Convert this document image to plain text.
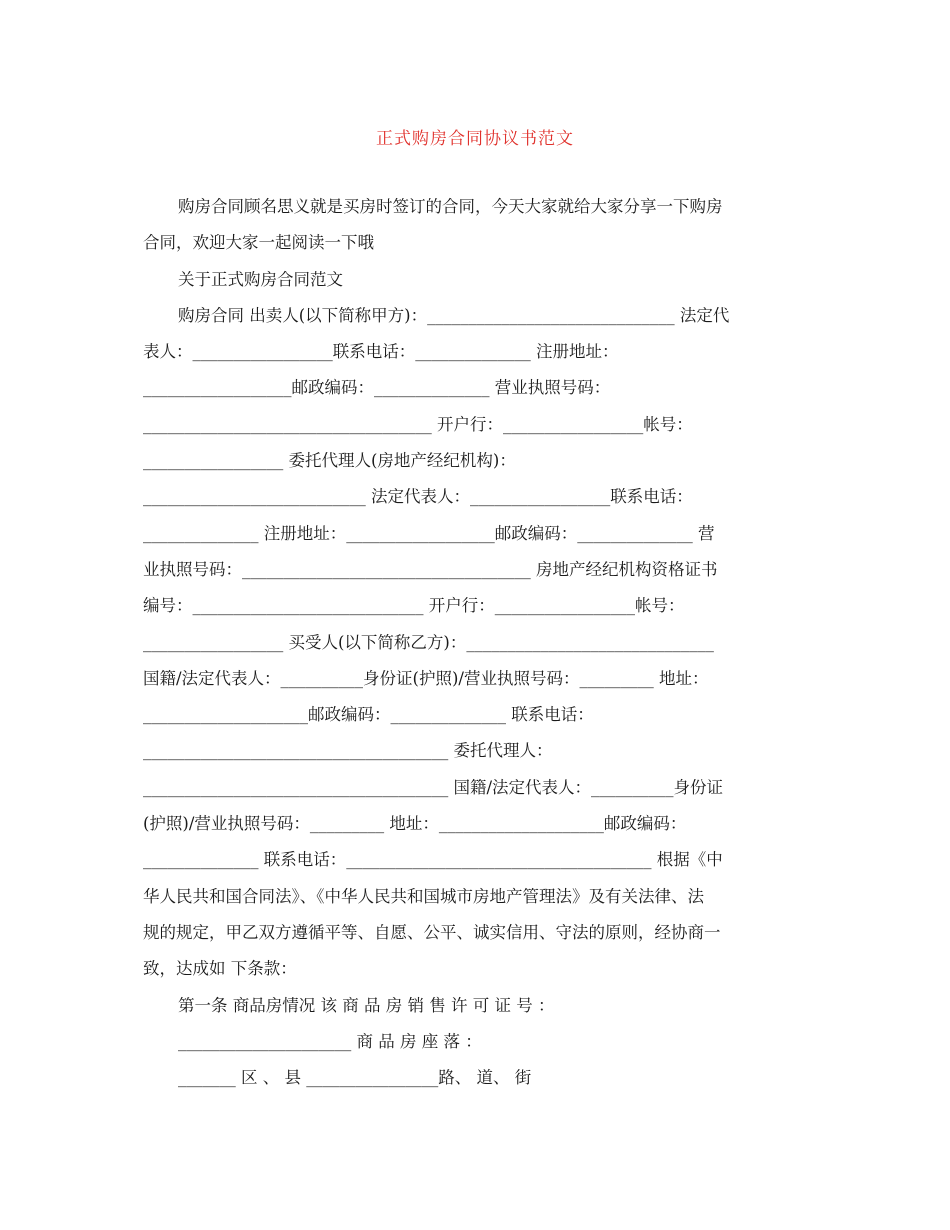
正式购房合同协议书范文
购房合同顾名思义就是买房时签订的合同，今天大家就给大家分享一下购房
合同，欢迎大家一起阅读一下哦
关于正式购房合同范文
购房合同 出卖人(以下简称甲方)：______________________________ 法定代
表人：_________________联系电话：______________ 注册地址：
__________________邮政编码：______________ 营业执照号码：
___________________________________ 开户行：_________________帐号：
_________________ 委托代理人(房地产经纪机构)：
___________________________ 法定代表人：_________________联系电话：
______________ 注册地址：__________________邮政编码：______________ 营
业执照号码：___________________________________ 房地产经纪机构资格证书
编号：____________________________ 开户行：_________________帐号：
_________________ 买受人(以下简称乙方)：______________________________
国籍/法定代表人：__________身份证(护照)/营业执照号码：_________ 地址：
____________________邮政编码：______________ 联系电话：
_____________________________________ 委托代理人：
_____________________________________ 国籍/法定代表人：__________身份证
(护照)/营业执照号码：_________ 地址：____________________邮政编码：
______________ 联系电话：_____________________________________ 根据《中
华人民共和国合同法》、《中华人民共和国城市房地产管理法》及有关法律、法
规的规定，甲乙双方遵循平等、自愿、公平、诚实信用、守法的原则，经协商一
致，达成如 下条款：
第一条 商品房情况 该 商 品 房 销 售 许 可 证 号 ：
_____________________ 商 品 房 座 落 ：
_______ 区 、 县 ________________路、 道、 街
